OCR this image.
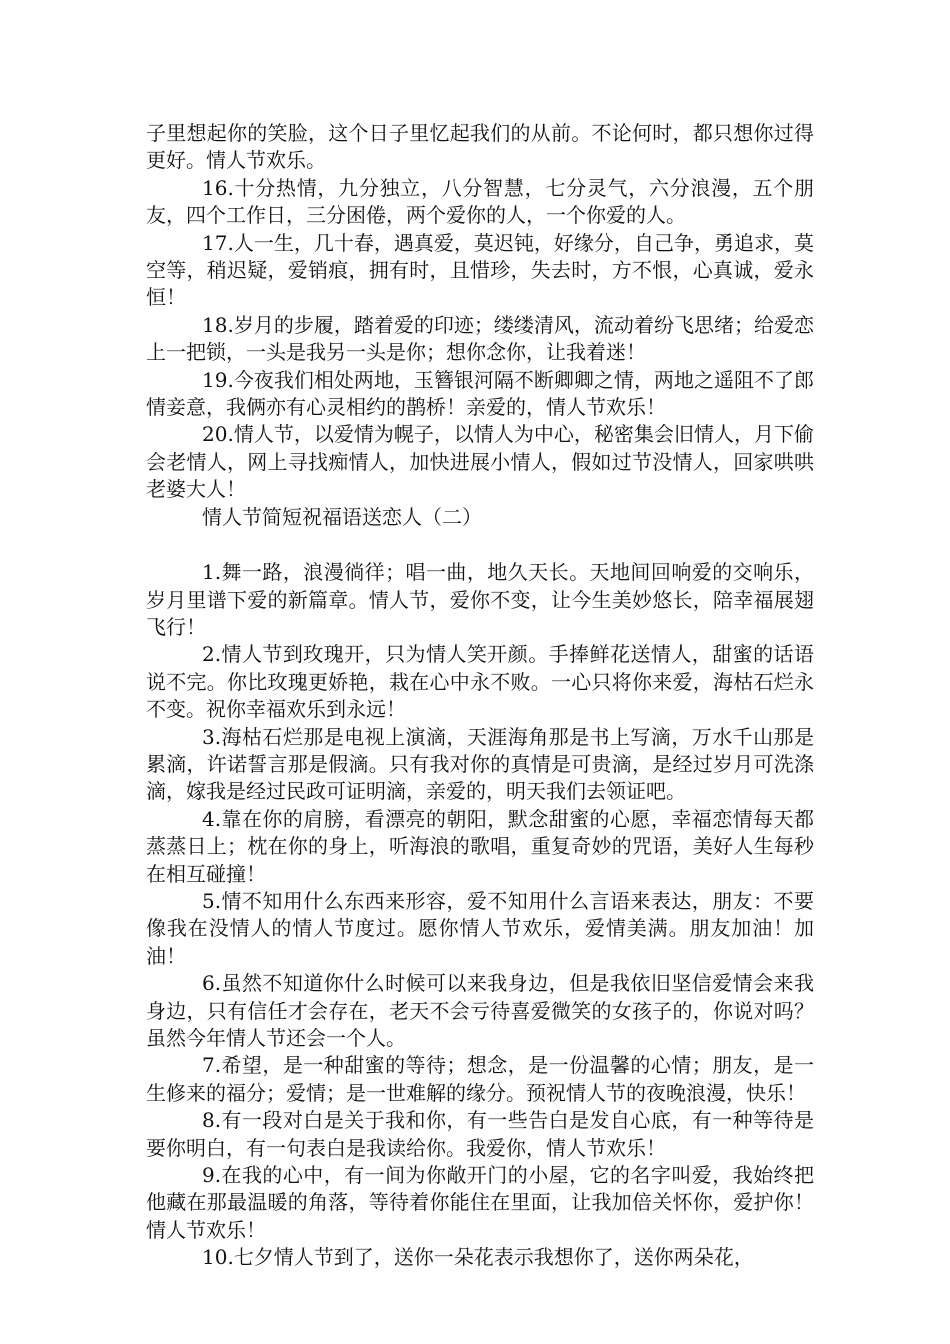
子里想起你的笑脸，这个日子里忆起我们的从前。不论何时，都只想你过得更好。情人节欢乐。

16.十分热情，九分独立，八分智慧，七分灵气，六分浪漫，五个朋友，四个工作日，三分困倦，两个爱你的人，一个你爱的人。

17.人一生，几十春，遇真爱，莫迟钝，好缘分，自己争，勇追求，莫空等，稍迟疑，爱销痕，拥有时，且惜珍，失去时，方不恨，心真诚，爱永恒！

18.岁月的步履，踏着爱的印迹；缕缕清风，流动着纷飞思绪；给爱恋上一把锁，一头是我另一头是你；想你念你，让我着迷！

19.今夜我们相处两地，玉簪银河隔不断卿卿之情，两地之遥阻不了郎情妾意，我俩亦有心灵相约的鹊桥！亲爱的，情人节欢乐！

20.情人节，以爱情为幌子，以情人为中心，秘密集会旧情人，月下偷会老情人，网上寻找痴情人，加快进展小情人，假如过节没情人，回家哄哄老婆大人！

情人节简短祝福语送恋人（二）

1.舞一路，浪漫徜徉；唱一曲，地久天长。天地间回响爱的交响乐，岁月里谱下爱的新篇章。情人节，爱你不变，让今生美妙悠长，陪幸福展翅飞行！

2.情人节到玫瑰开，只为情人笑开颜。手捧鲜花送情人，甜蜜的话语说不完。你比玫瑰更娇艳，栽在心中永不败。一心只将你来爱，海枯石烂永不变。祝你幸福欢乐到永远！

3.海枯石烂那是电视上演滴，天涯海角那是书上写滴，万水千山那是累滴，许诺誓言那是假滴。只有我对你的真情是可贵滴，是经过岁月可洗涤滴，嫁我是经过民政可证明滴，亲爱的，明天我们去领证吧。

4.靠在你的肩膀，看漂亮的朝阳，默念甜蜜的心愿，幸福恋情每天都蒸蒸日上；枕在你的身上，听海浪的歌唱，重复奇妙的咒语，美好人生每秒在相互碰撞！

5.情不知用什么东西来形容，爱不知用什么言语来表达，朋友：不要像我在没情人的情人节度过。愿你情人节欢乐，爱情美满。朋友加油！加油！

6.虽然不知道你什么时候可以来我身边，但是我依旧坚信爱情会来我身边，只有信任才会存在，老天不会亏待喜爱微笑的女孩子的，你说对吗？虽然今年情人节还会一个人。

7.希望，是一种甜蜜的等待；想念，是一份温馨的心情；朋友，是一生修来的福分；爱情；是一世难解的缘分。预祝情人节的夜晚浪漫，快乐！

8.有一段对白是关于我和你，有一些告白是发自心底，有一种等待是要你明白，有一句表白是我读给你。我爱你，情人节欢乐！

9.在我的心中，有一间为你敞开门的小屋，它的名字叫爱，我始终把他藏在那最温暖的角落，等待着你能住在里面，让我加倍关怀你，爱护你！情人节欢乐！

10.七夕情人节到了，送你一朵花表示我想你了，送你两朵花，
